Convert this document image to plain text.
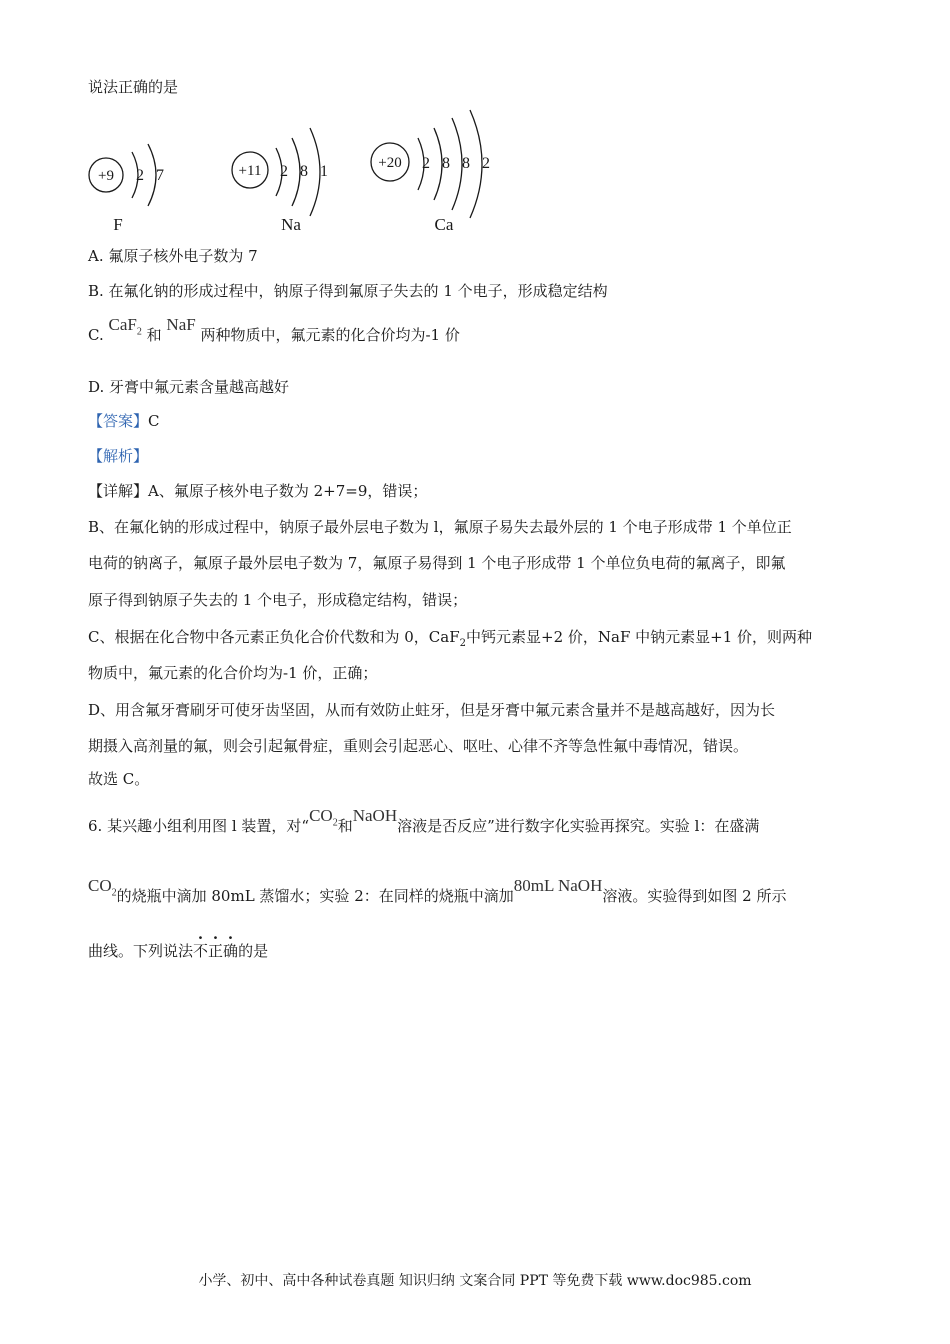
说法正确的是
+9 2 7
F
+11 2 8 1
Na
+20 2 8 8 2
Ca
A. 氟原子核外电子数为 7
B. 在氟化钠的形成过程中，钠原子得到氟原子失去的 1 个电子，形成稳定结构
C. CaF$_2$ 和 NaF 两种物质中，氟元素的化合价均为-1 价
D. 牙膏中氟元素含量越高越好
【答案】C
【解析】
【详解】A、氟原子核外电子数为 2+7=9，错误；
B、在氟化钠的形成过程中，钠原子最外层电子数为 l，氟原子易失去最外层的 1 个电子形成带 1 个单位正
电荷的钠离子，氟原子最外层电子数为 7，氟原子易得到 1 个电子形成带 1 个单位负电荷的氟离子，即氟
原子得到钠原子失去的 1 个电子，形成稳定结构，错误；
C、根据在化合物中各元素正负化合价代数和为 0，CaF$_2$中钙元素显+2 价，NaF 中钠元素显+1 价，则两种
物质中，氟元素的化合价均为-1 价，正确；
D、用含氟牙膏刷牙可使牙齿坚固，从而有效防止蛀牙，但是牙膏中氟元素含量并不是越高越好，因为长
期摄入高剂量的氟，则会引起氟骨症，重则会引起恶心、呕吐、心律不齐等急性氟中毒情况，错误。
故选 C。
6. 某兴趣小组利用图 l 装置，对“$CO_2$和NaOH溶液是否反应”进行数字化实验再探究。实验 l：在盛满
$CO_2$的烧瓶中滴加 80mL 蒸馏水；实验 2：在同样的烧瓶中滴加80mL NaOH溶液。实验得到如图 2 所示
曲线。下列说法不正确的是
小学、初中、高中各种试卷真题 知识归纳 文案合同 PPT 等免费下载 www.doc985.com
